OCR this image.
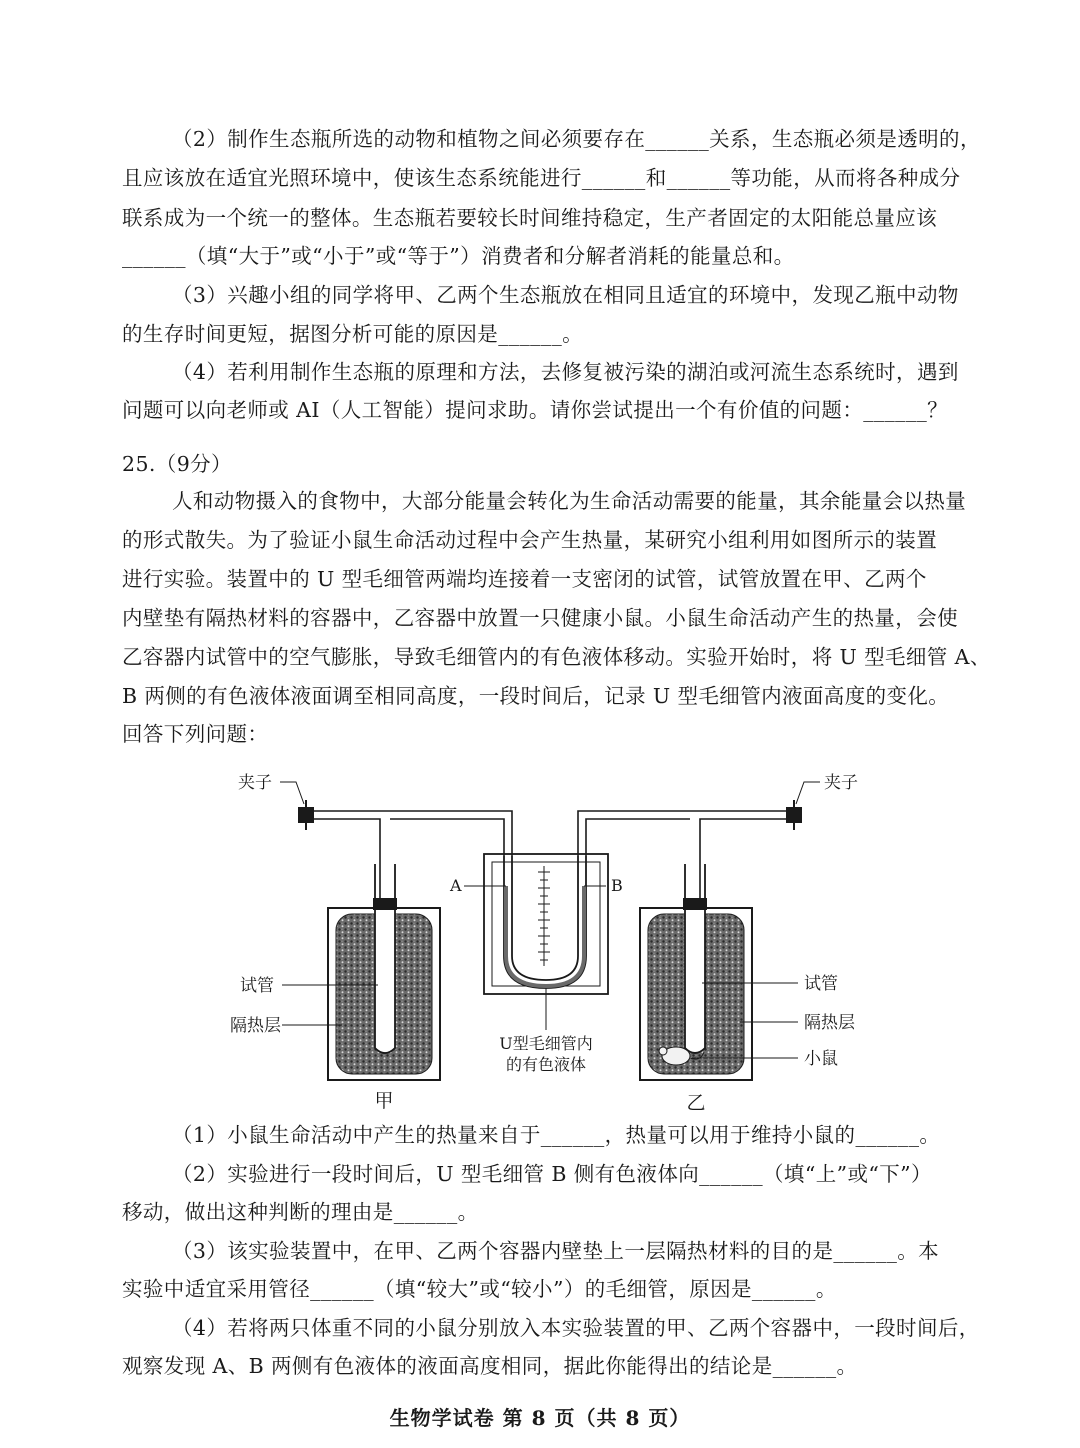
（2）制作生态瓶所选的动物和植物之间必须要存在______关系，生态瓶必须是透明的，
且应该放在适宜光照环境中，使该生态系统能进行______和______等功能，从而将各种成分
联系成为一个统一的整体。生态瓶若要较长时间维持稳定，生产者固定的太阳能总量应该
______（填“大于”或“小于”或“等于”）消费者和分解者消耗的能量总和。
（3）兴趣小组的同学将甲、乙两个生态瓶放在相同且适宜的环境中，发现乙瓶中动物
的生存时间更短，据图分析可能的原因是______。
（4）若利用制作生态瓶的原理和方法，去修复被污染的湖泊或河流生态系统时，遇到
问题可以向老师或 AI（人工智能）提问求助。请你尝试提出一个有价值的问题：______？
25.（9分）
人和动物摄入的食物中，大部分能量会转化为生命活动需要的能量，其余能量会以热量
的形式散失。为了验证小鼠生命活动过程中会产生热量，某研究小组利用如图所示的装置
进行实验。装置中的 U 型毛细管两端均连接着一支密闭的试管，试管放置在甲、乙两个
内壁垫有隔热材料的容器中，乙容器中放置一只健康小鼠。小鼠生命活动产生的热量，会使
乙容器内试管中的空气膨胀，导致毛细管内的有色液体移动。实验开始时，将 U 型毛细管 A、
B 两侧的有色液体液面调至相同高度，一段时间后，记录 U 型毛细管内液面高度的变化。
回答下列问题：
夹子	夹子
A	B
试管
隔热层
试管
隔热层
小鼠
U型毛细管内
的有色液体
甲	乙
（1）小鼠生命活动中产生的热量来自于______，热量可以用于维持小鼠的______。
（2）实验进行一段时间后，U 型毛细管 B 侧有色液体向______（填“上”或“下”）
移动，做出这种判断的理由是______。
（3）该实验装置中，在甲、乙两个容器内壁垫上一层隔热材料的目的是______。本
实验中适宜采用管径______（填“较大”或“较小”）的毛细管，原因是______。
（4）若将两只体重不同的小鼠分别放入本实验装置的甲、乙两个容器中，一段时间后，
观察发现 A、B 两侧有色液体的液面高度相同，据此你能得出的结论是______。
生物学试卷 第 8 页（共 8 页）
